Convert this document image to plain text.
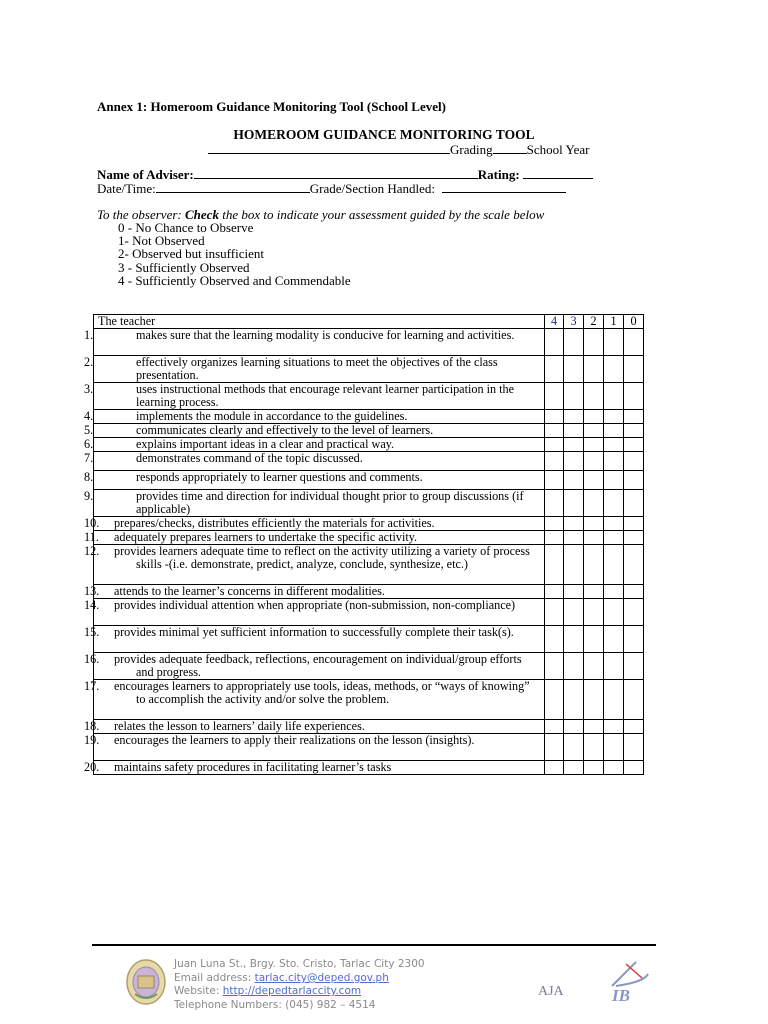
Annex 1: Homeroom Guidance Monitoring Tool (School Level)
HOMEROOM GUIDANCE MONITORING TOOL
Grading	School Year
Name of Adviser:	Rating:
Date/Time:	Grade/Section Handled:
To the observer: Check the box to indicate your assessment guided by the scale below
0 - No Chance to Observe
1- Not Observed
2- Observed but insufficient
3 - Sufficiently Observed
4 - Sufficiently Observed and Commendable
The teacher	4	3	2	1	0
1. makes sure that the learning modality is conducive for learning and activities.					
2. effectively organizes learning situations to meet the objectives of the class presentation.					
3. uses instructional methods that encourage relevant learner participation in the learning process.					
4. implements the module in accordance to the guidelines.					
5. communicates clearly and effectively to the level of learners.					
6. explains important ideas in a clear and practical way.					
7. demonstrates command of the topic discussed.					
8. responds appropriately to learner questions and comments.					
9. provides time and direction for individual thought prior to group discussions (if applicable)					
10. prepares/checks, distributes efficiently the materials for activities.					
11. adequately prepares learners to undertake the specific activity.					
12. provides learners adequate time to reflect on the activity utilizing a variety of process skills -(i.e. demonstrate, predict, analyze, conclude, synthesize, etc.)					
13. attends to the learner’s concerns in different modalities.					
14. provides individual attention when appropriate (non-submission, non-compliance)					
15. provides minimal yet sufficient information to successfully complete their task(s).					
16. provides adequate feedback, reflections, encouragement on individual/group efforts and progress.					
17. encourages learners to appropriately use tools, ideas, methods, or “ways of knowing” to accomplish the activity and/or solve the problem.					
18. relates the lesson to learners’ daily life experiences.					
19. encourages the learners to apply their realizations on the lesson (insights).					
20. maintains safety procedures in facilitating learner’s tasks					
Juan Luna St., Brgy. Sto. Cristo, Tarlac City 2300
Email address: tarlac.city@deped.gov.ph
Website: http://depedtarlaccity.com
Telephone Numbers: (045) 982 – 4514
AJA	IB
